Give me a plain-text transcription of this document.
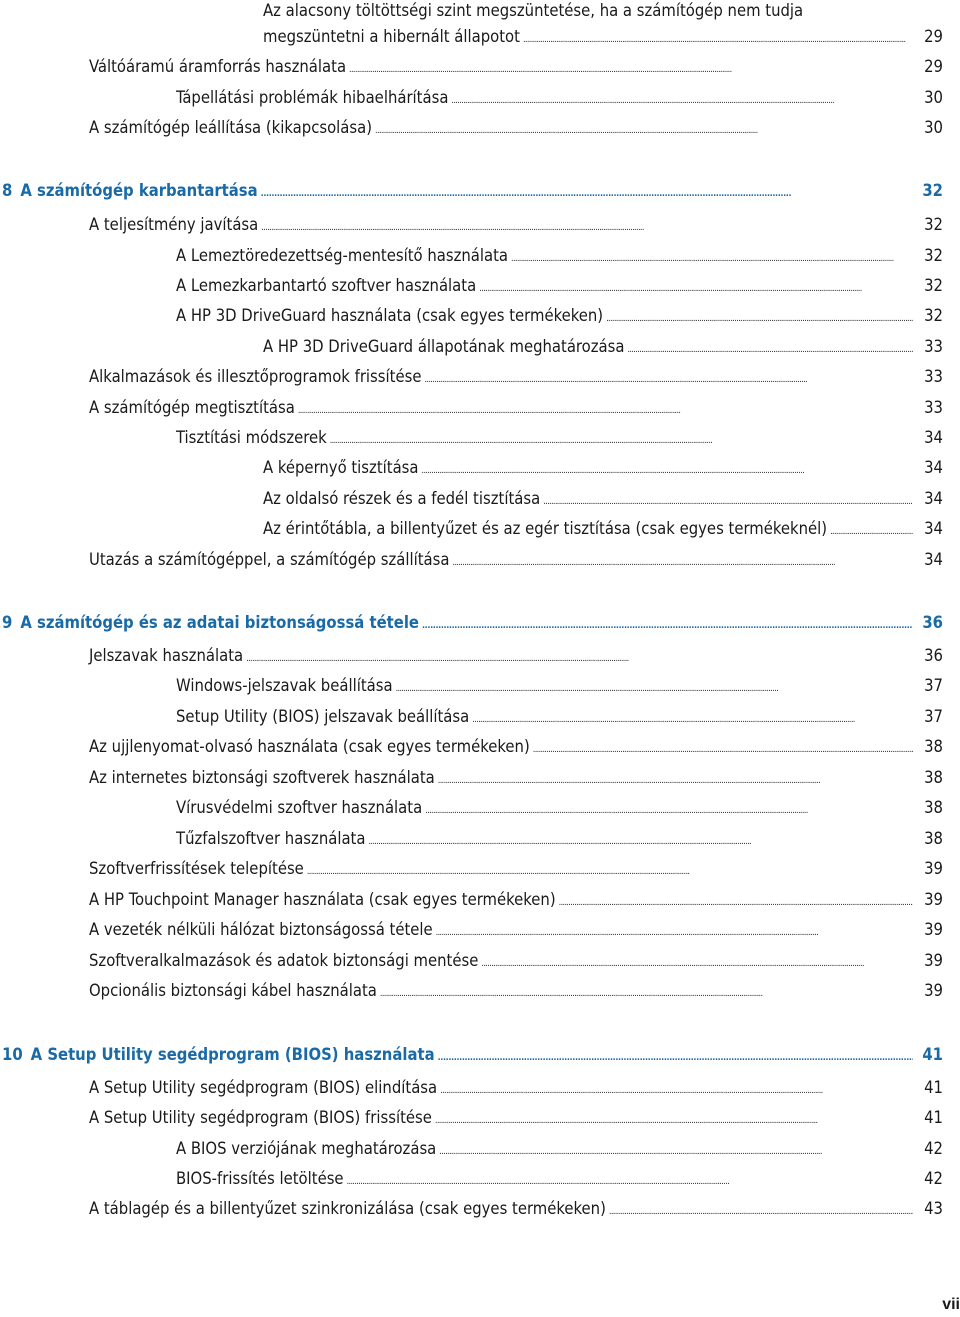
Az alacsony töltöttségi szint megszüntetése, ha a számítógép nem tudja
megszüntetni a hibernált állapotot . . .	29
Váltóáramú áramforrás használata . . .	29
Tápellátási problémák hibaelhárítása . . .	30
A számítógép leállítása (kikapcsolása) . . .	30
8 A számítógép karbantartása . . .	32
A teljesítmény javítása . . .	32
A Lemeztöredezettség-mentesítő használata . . .	32
A Lemezkarbantartó szoftver használata . . .	32
A HP 3D DriveGuard használata (csak egyes termékeken) . . .	32
A HP 3D DriveGuard állapotának meghatározása . . .	33
Alkalmazások és illesztőprogramok frissítése . . .	33
A számítógép megtisztítása . . .	33
Tisztítási módszerek . . .	34
A képernyő tisztítása . . .	34
Az oldalsó részek és a fedél tisztítása . . .	34
Az érintőtábla, a billentyűzet és az egér tisztítása (csak egyes termékeknél) . . .	34
Utazás a számítógéppel, a számítógép szállítása . . .	34
9 A számítógép és az adatai biztonságossá tétele . . .	36
Jelszavak használata . . .	36
Windows-jelszavak beállítása . . .	37
Setup Utility (BIOS) jelszavak beállítása . . .	37
Az ujjlenyomat-olvasó használata (csak egyes termékeken) . . .	38
Az internetes biztonsági szoftverek használata . . .	38
Vírusvédelmi szoftver használata . . .	38
Tűzfalszoftver használata . . .	38
Szoftverfrissítések telepítése . . .	39
A HP Touchpoint Manager használata (csak egyes termékeken) . . .	39
A vezeték nélküli hálózat biztonságossá tétele . . .	39
Szoftveralkalmazások és adatok biztonsági mentése . . .	39
Opcionális biztonsági kábel használata . . .	39
10 A Setup Utility segédprogram (BIOS) használata . . .	41
A Setup Utility segédprogram (BIOS) elindítása . . .	41
A Setup Utility segédprogram (BIOS) frissítése . . .	41
A BIOS verziójának meghatározása . . .	42
BIOS-frissítés letöltése . . .	42
A táblagép és a billentyűzet szinkronizálása (csak egyes termékeken) . . .	43
vii
